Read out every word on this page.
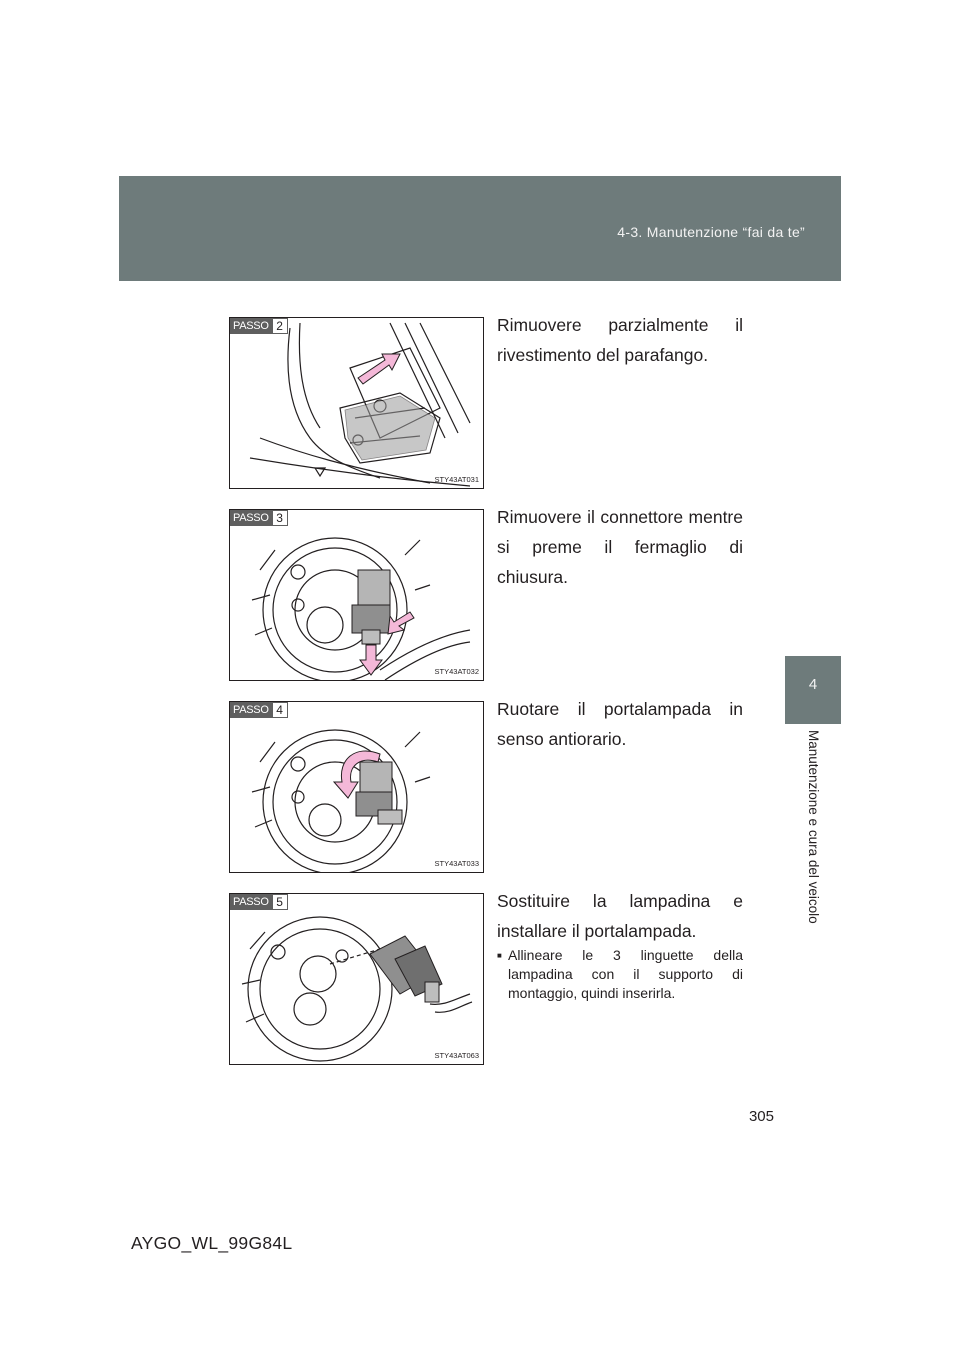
4-3. Manutenzione “fai da te”
4
Manutenzione e cura del veicolo
PASSO 2
STY43AT031
Rimuovere parzialmente il rivestimento del parafango.
PASSO 3
STY43AT032
Rimuovere il connettore mentre si preme il fermaglio di chiusura.
PASSO 4
STY43AT033
Ruotare il portalampada in senso antiorario.
PASSO 5
STY43AT063
Sostituire la lampadina e installare il portalampada.
■ Allineare le 3 linguette della lampadina con il supporto di montaggio, quindi inserirla.
305
AYGO_WL_99G84L
